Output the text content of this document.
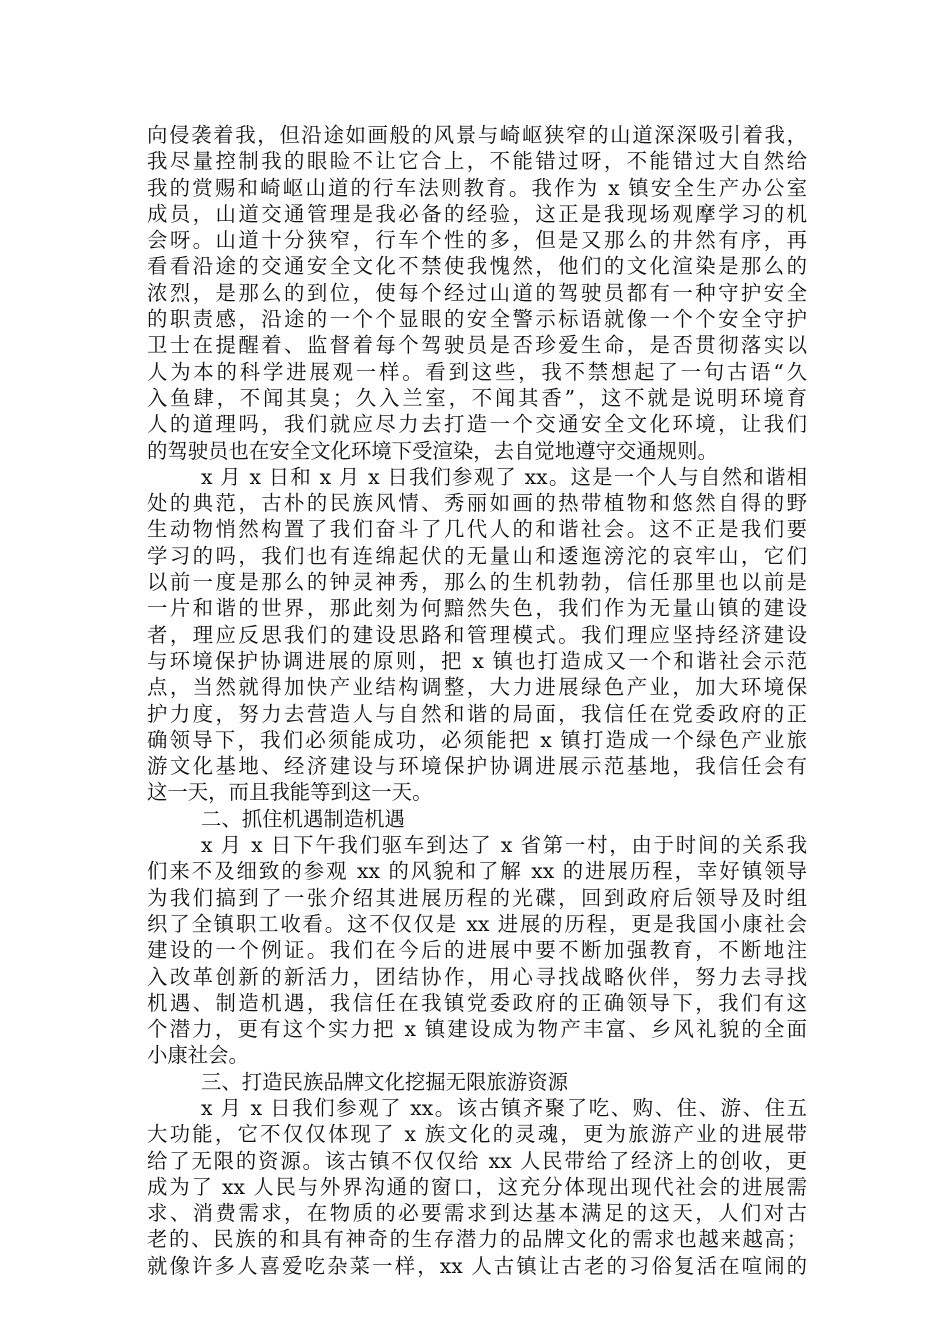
向侵袭着我，但沿途如画般的风景与崎岖狭窄的山道深深吸引着我，
我尽量控制我的眼睑不让它合上，不能错过呀，不能错过大自然给
我的赏赐和崎岖山道的行车法则教育。我作为 x 镇安全生产办公室
成员，山道交通管理是我必备的经验，这正是我现场观摩学习的机
会呀。山道十分狭窄，行车个性的多，但是又那么的井然有序，再
看看沿途的交通安全文化不禁使我愧然，他们的文化渲染是那么的
浓烈，是那么的到位，使每个经过山道的驾驶员都有一种守护安全
的职责感，沿途的一个个显眼的安全警示标语就像一个个安全守护
卫士在提醒着、监督着每个驾驶员是否珍爱生命，是否贯彻落实以
人为本的科学进展观一样。看到这些，我不禁想起了一句古语“久
入鱼肆，不闻其臭；久入兰室，不闻其香”，这不就是说明环境育
人的道理吗，我们就应尽力去打造一个交通安全文化环境，让我们
的驾驶员也在安全文化环境下受渲染，去自觉地遵守交通规则。
x 月 x 日和 x 月 x 日我们参观了 xx。这是一个人与自然和谐相
处的典范，古朴的民族风情、秀丽如画的热带植物和悠然自得的野
生动物悄然构置了我们奋斗了几代人的和谐社会。这不正是我们要
学习的吗，我们也有连绵起伏的无量山和逶迤滂沱的哀牢山，它们
以前一度是那么的钟灵神秀，那么的生机勃勃，信任那里也以前是
一片和谐的世界，那此刻为何黯然失色，我们作为无量山镇的建设
者，理应反思我们的建设思路和管理模式。我们理应坚持经济建设
与环境保护协调进展的原则，把 x 镇也打造成又一个和谐社会示范
点，当然就得加快产业结构调整，大力进展绿色产业，加大环境保
护力度，努力去营造人与自然和谐的局面，我信任在党委政府的正
确领导下，我们必须能成功，必须能把 x 镇打造成一个绿色产业旅
游文化基地、经济建设与环境保护协调进展示范基地，我信任会有
这一天，而且我能等到这一天。
二、抓住机遇制造机遇
x 月 x 日下午我们驱车到达了 x 省第一村，由于时间的关系我
们来不及细致的参观 xx 的风貌和了解 xx 的进展历程，幸好镇领导
为我们搞到了一张介绍其进展历程的光碟，回到政府后领导及时组
织了全镇职工收看。这不仅仅是 xx 进展的历程，更是我国小康社会
建设的一个例证。我们在今后的进展中要不断加强教育，不断地注
入改革创新的新活力，团结协作，用心寻找战略伙伴，努力去寻找
机遇、制造机遇，我信任在我镇党委政府的正确领导下，我们有这
个潜力，更有这个实力把 x 镇建设成为物产丰富、乡风礼貌的全面
小康社会。
三、打造民族品牌文化挖掘无限旅游资源
x 月 x 日我们参观了 xx。该古镇齐聚了吃、购、住、游、住五
大功能，它不仅仅体现了 x 族文化的灵魂，更为旅游产业的进展带
给了无限的资源。该古镇不仅仅给 xx 人民带给了经济上的创收，更
成为了 xx 人民与外界沟通的窗口，这充分体现出现代社会的进展需
求、消费需求，在物质的必要需求到达基本满足的这天，人们对古
老的、民族的和具有神奇的生存潜力的品牌文化的需求也越来越高；
就像许多人喜爱吃杂菜一样，xx 人古镇让古老的习俗复活在喧闹的
